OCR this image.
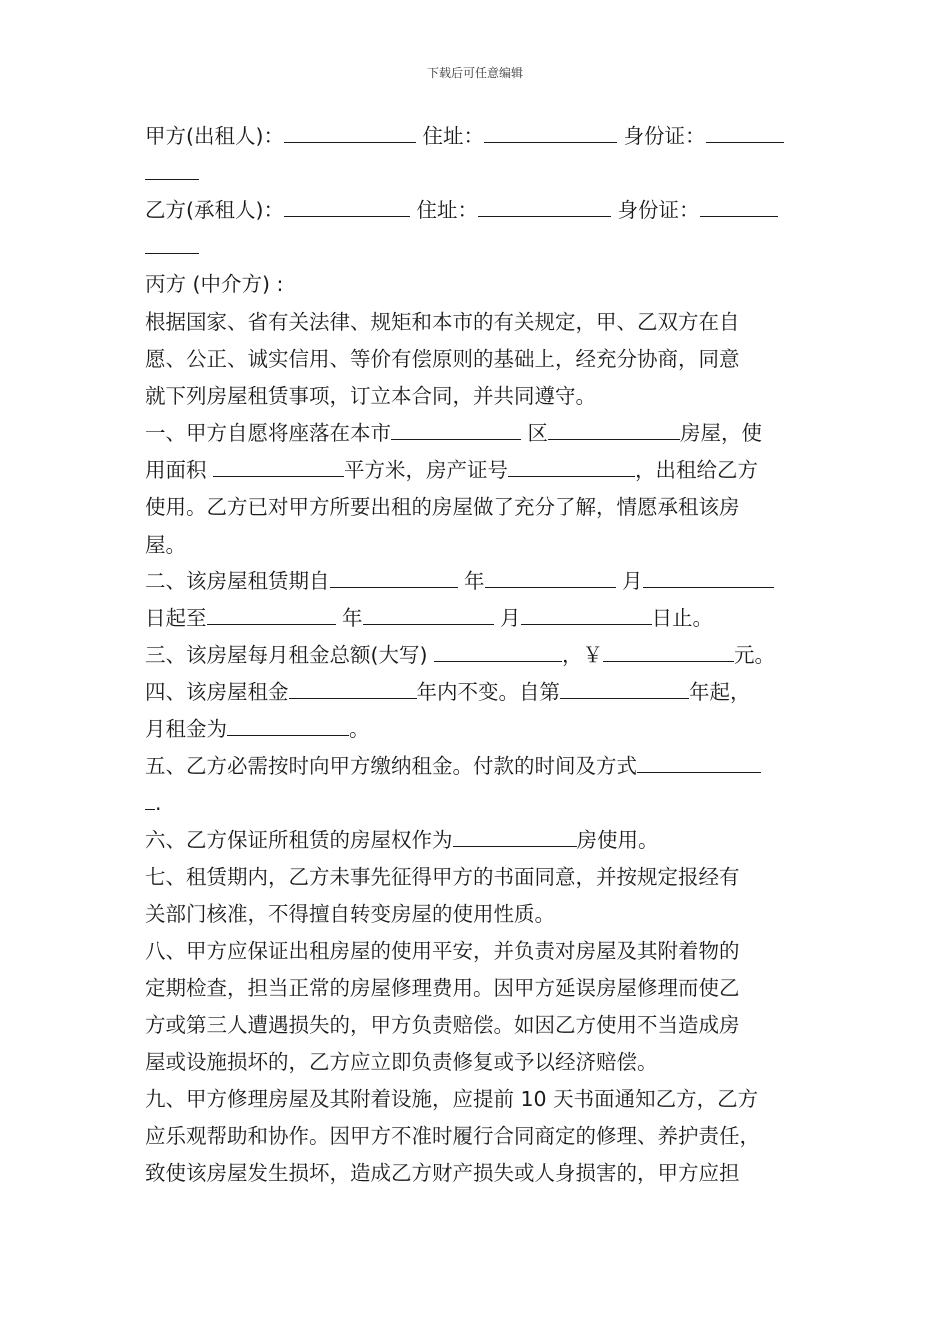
下载后可任意编辑
甲方(出租人)：	住址：	身份证：
乙方(承租人)：	住址：	身份证：
丙方 (中介方) :
根据国家、省有关法律、规矩和本市的有关规定，甲、乙双方在自
愿、公正、诚实信用、等价有偿原则的基础上，经充分协商，同意
就下列房屋租赁事项，订立本合同，并共同遵守。
一、甲方自愿将座落在本市	区	房屋，使
用面积	平方米，房产证号	，出租给乙方
使用。乙方已对甲方所要出租的房屋做了充分了解，情愿承租该房
屋。
二、该房屋租赁期自	年	月
日起至	年	月	日止。
三、该房屋每月租金总额(大写)	，￥	元。
四、该房屋租金	年内不变。自第	年起，
月租金为	。
五、乙方必需按时向甲方缴纳租金。付款的时间及方式
.
六、乙方保证所租赁的房屋权作为	房使用。
七、租赁期内，乙方未事先征得甲方的书面同意，并按规定报经有
关部门核准，不得擅自转变房屋的使用性质。
八、甲方应保证出租房屋的使用平安，并负责对房屋及其附着物的
定期检查，担当正常的房屋修理费用。因甲方延误房屋修理而使乙
方或第三人遭遇损失的，甲方负责赔偿。如因乙方使用不当造成房
屋或设施损坏的，乙方应立即负责修复或予以经济赔偿。
九、甲方修理房屋及其附着设施，应提前 10 天书面通知乙方，乙方
应乐观帮助和协作。因甲方不准时履行合同商定的修理、养护责任，
致使该房屋发生损坏，造成乙方财产损失或人身损害的，甲方应担
